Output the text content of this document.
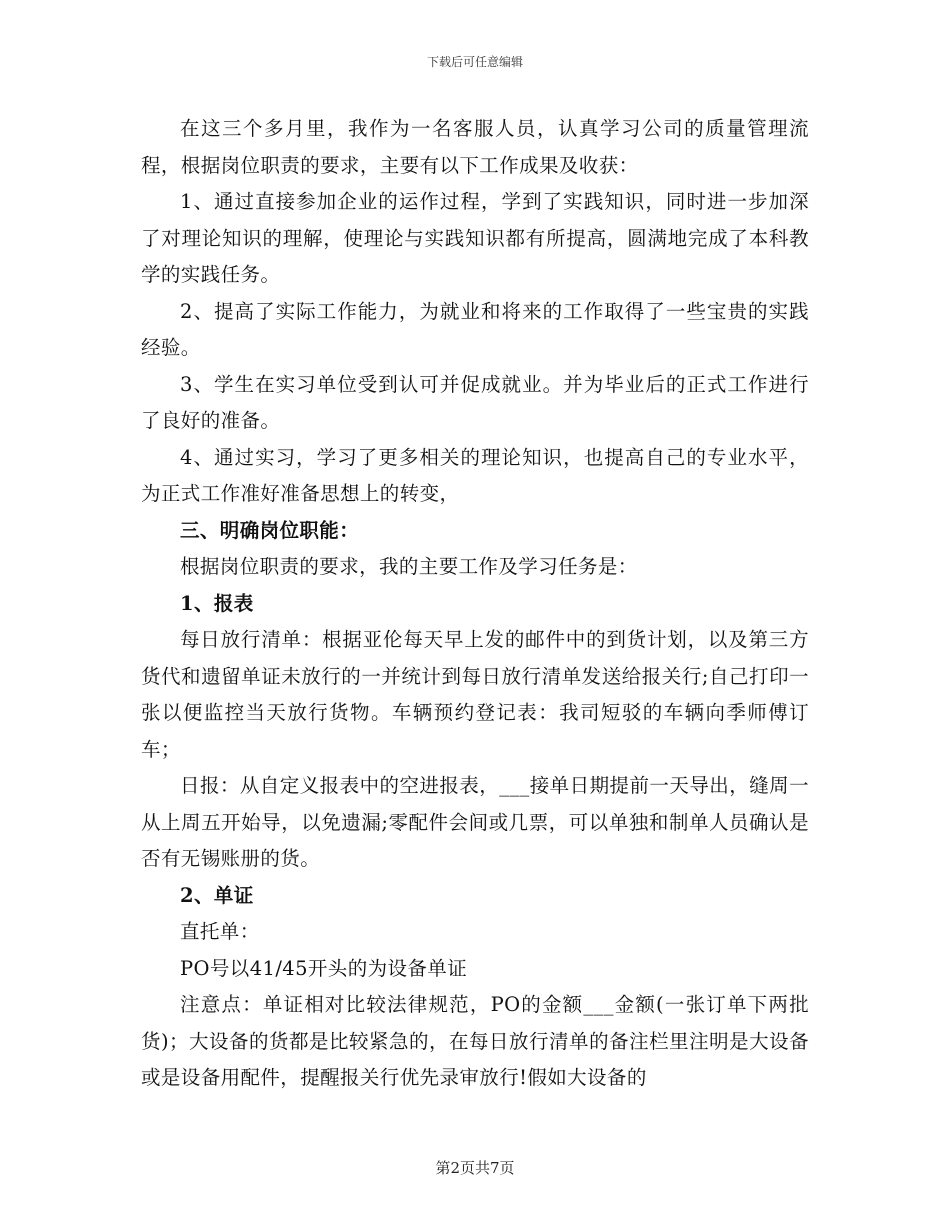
下载后可任意编辑

在这三个多月里，我作为一名客服人员，认真学习公司的质量管理流程，根据岗位职责的要求，主要有以下工作成果及收获：

1、通过直接参加企业的运作过程，学到了实践知识，同时进一步加深了对理论知识的理解，使理论与实践知识都有所提高，圆满地完成了本科教学的实践任务。

2、提高了实际工作能力，为就业和将来的工作取得了一些宝贵的实践经验。

3、学生在实习单位受到认可并促成就业。并为毕业后的正式工作进行了良好的准备。

4、通过实习，学习了更多相关的理论知识，也提高自己的专业水平，为正式工作准好准备思想上的转变，

三、明确岗位职能：

根据岗位职责的要求，我的主要工作及学习任务是：

1、报表

每日放行清单：根据亚伦每天早上发的邮件中的到货计划，以及第三方货代和遗留单证未放行的一并统计到每日放行清单发送给报关行;自己打印一张以便监控当天放行货物。车辆预约登记表：我司短驳的车辆向季师傅订车；

日报：从自定义报表中的空进报表，___接单日期提前一天导出，缝周一从上周五开始导，以免遗漏;零配件会间或几票，可以单独和制单人员确认是否有无锡账册的货。

2、单证

直托单：

PO号以41/45开头的为设备单证

注意点：单证相对比较法律规范，PO的金额___金额(一张订单下两批货)；大设备的货都是比较紧急的，在每日放行清单的备注栏里注明是大设备或是设备用配件，提醒报关行优先录审放行!假如大设备的

第2页共7页
